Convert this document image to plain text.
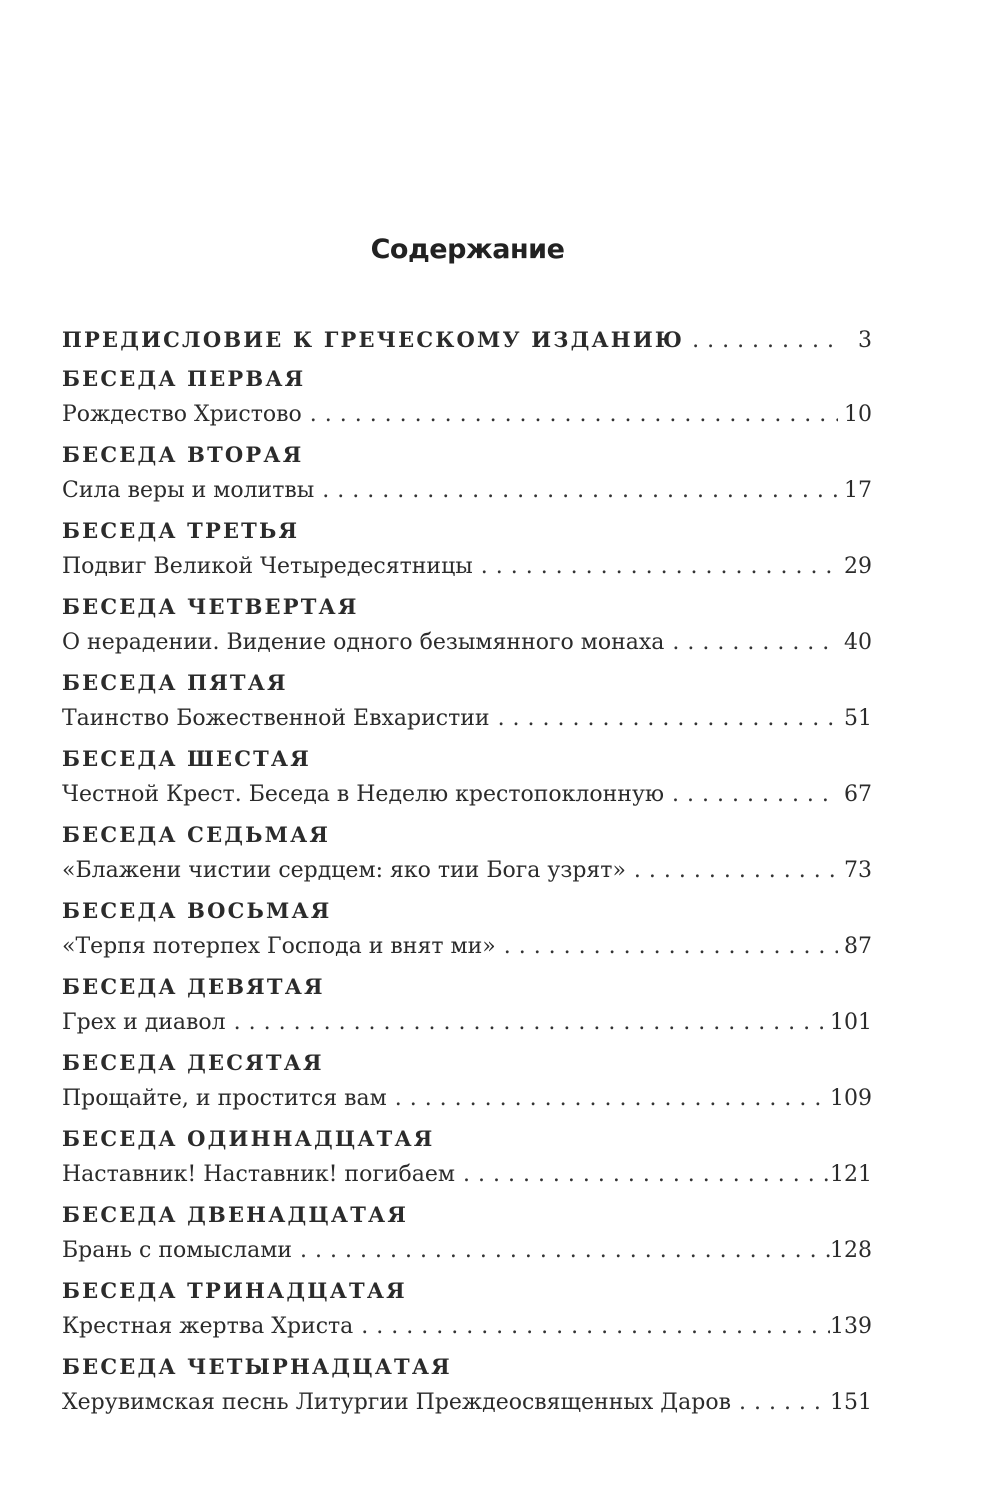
Содержание
ПРЕДИСЛОВИЕ К ГРЕЧЕСКОМУ ИЗДАНИЮ . . .	3
БЕСЕДА ПЕРВАЯ
Рождество Христово . . .	10
БЕСЕДА ВТОРАЯ
Сила веры и молитвы . . .	17
БЕСЕДА ТРЕТЬЯ
Подвиг Великой Четыредесятницы . . .	29
БЕСЕДА ЧЕТВЕРТАЯ
О нерадении. Видение одного безымянного монаха . . .	40
БЕСЕДА ПЯТАЯ
Таинство Божественной Евхаристии . . .	51
БЕСЕДА ШЕСТАЯ
Честной Крест. Беседа в Неделю крестопоклонную . . .	67
БЕСЕДА СЕДЬМАЯ
«Блажени чистии сердцем: яко тии Бога узрят» . . .	73
БЕСЕДА ВОСЬМАЯ
«Терпя потерпех Господа и внят ми» . . .	87
БЕСЕДА ДЕВЯТАЯ
Грех и диавол . . .	101
БЕСЕДА ДЕСЯТАЯ
Прощайте, и простится вам . . .	109
БЕСЕДА ОДИННАДЦАТАЯ
Наставник! Наставник! погибаем . . .	121
БЕСЕДА ДВЕНАДЦАТАЯ
Брань с помыслами . . .	128
БЕСЕДА ТРИНАДЦАТАЯ
Крестная жертва Христа . . .	139
БЕСЕДА ЧЕТЫРНАДЦАТАЯ
Херувимская песнь Литургии Преждеосвященных Даров . . .	151
